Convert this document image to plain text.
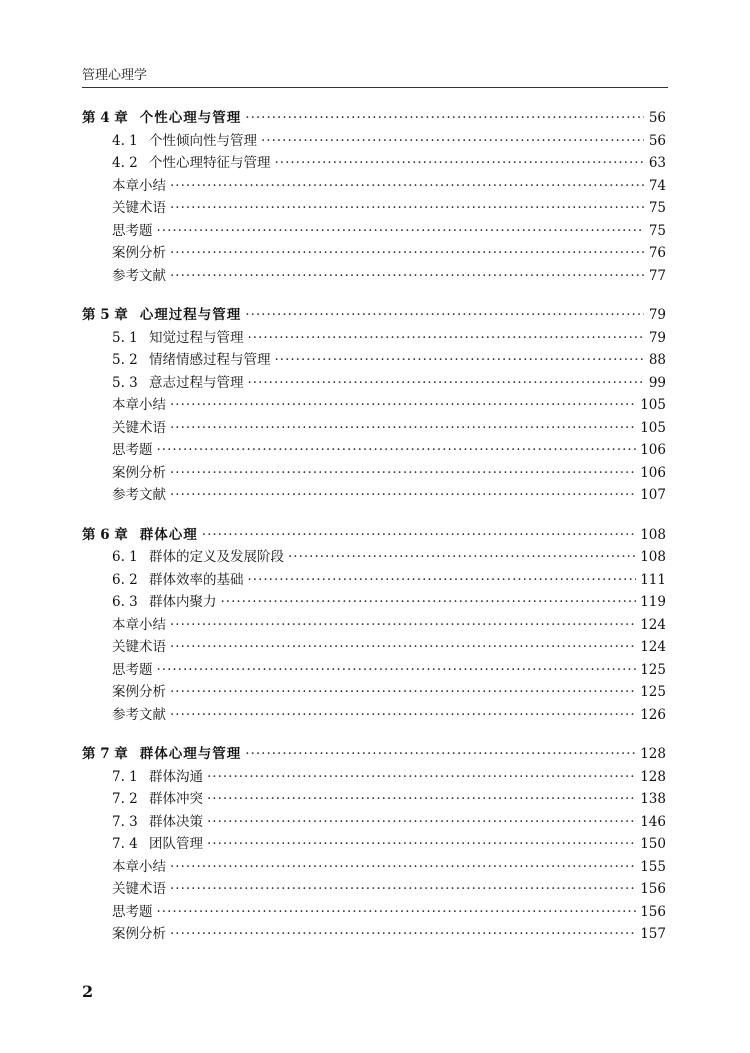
管理心理学
第 4 章 个性心理与管理 ·····	56
4. 1 个性倾向性与管理 ·····	56
4. 2 个性心理特征与管理 ·····	63
本章小结 ·····	74
关键术语 ·····	75
思考题 ·····	75
案例分析 ·····	76
参考文献 ·····	77
第 5 章 心理过程与管理 ·····	79
5. 1 知觉过程与管理 ·····	79
5. 2 情绪情感过程与管理 ·····	88
5. 3 意志过程与管理 ·····	99
本章小结 ·····	105
关键术语 ·····	105
思考题 ·····	106
案例分析 ·····	106
参考文献 ·····	107
第 6 章 群体心理 ·····	108
6. 1 群体的定义及发展阶段 ·····	108
6. 2 群体效率的基础 ·····	111
6. 3 群体内聚力 ·····	119
本章小结 ·····	124
关键术语 ·····	124
思考题 ·····	125
案例分析 ·····	125
参考文献 ·····	126
第 7 章 群体心理与管理 ·····	128
7. 1 群体沟通 ·····	128
7. 2 群体冲突 ·····	138
7. 3 群体决策 ·····	146
7. 4 团队管理 ·····	150
本章小结 ·····	155
关键术语 ·····	156
思考题 ·····	156
案例分析 ·····	157
2
